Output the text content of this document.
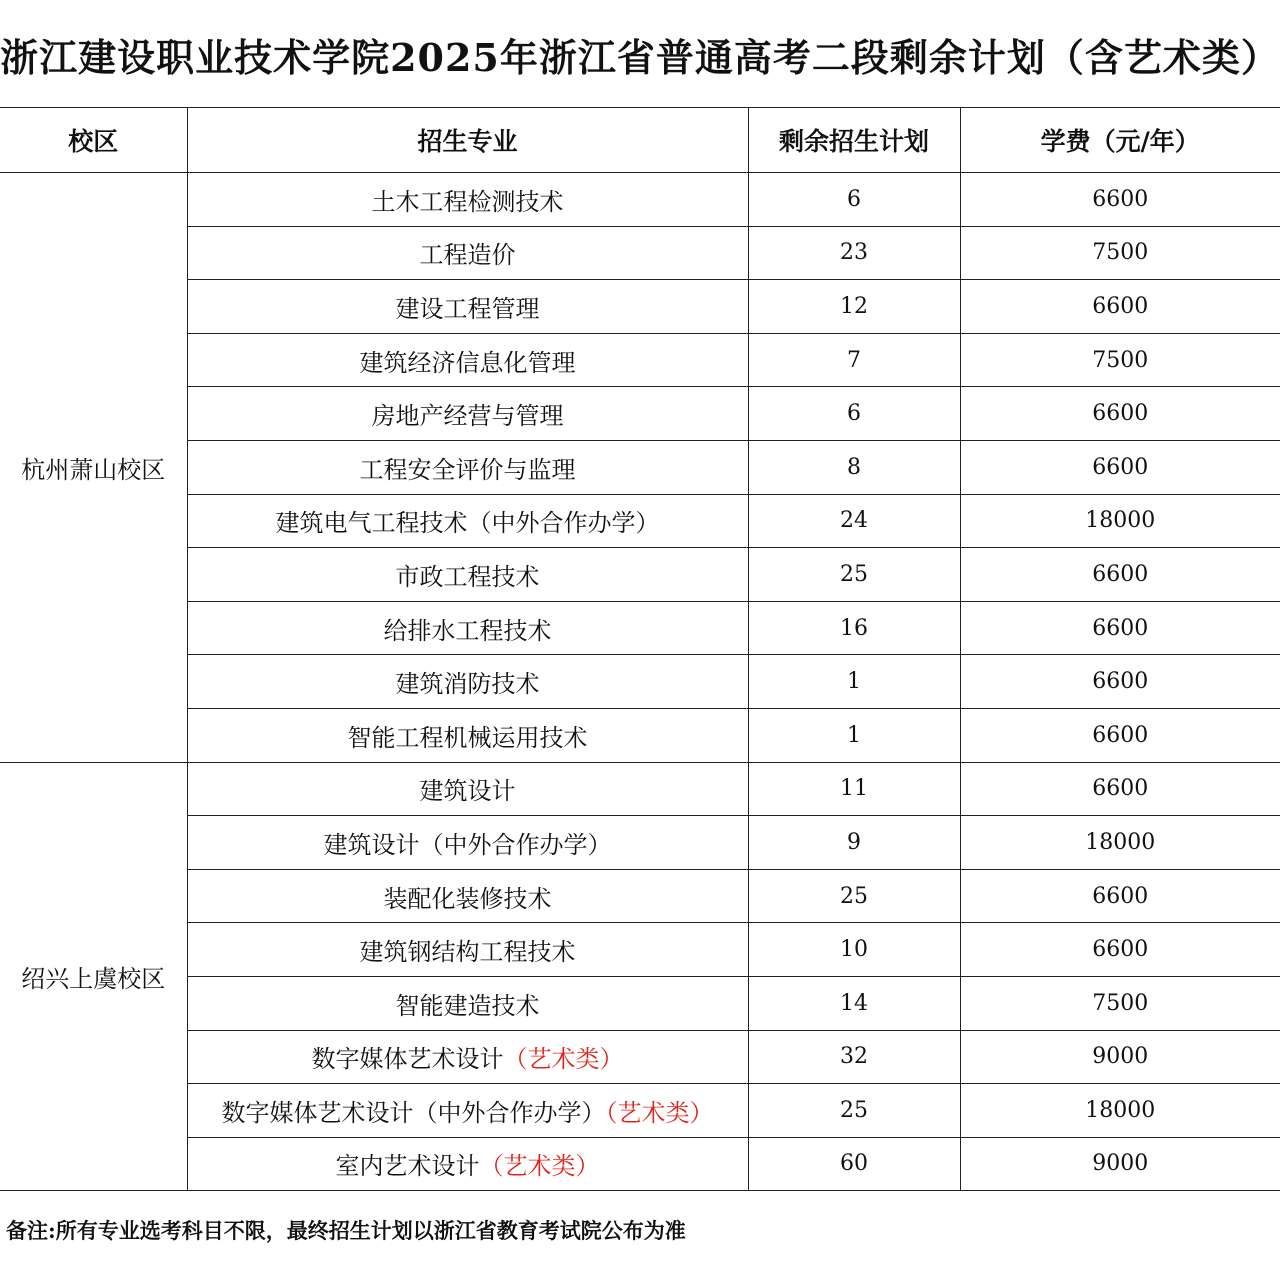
浙江建设职业技术学院2025年浙江省普通高考二段剩余计划（含艺术类）
校区	招生专业	剩余招生计划	学费（元/年）
杭州萧山校区	土木工程检测技术	6	6600
	工程造价	23	7500
	建设工程管理	12	6600
	建筑经济信息化管理	7	7500
	房地产经营与管理	6	6600
	工程安全评价与监理	8	6600
	建筑电气工程技术（中外合作办学）	24	18000
	市政工程技术	25	6600
	给排水工程技术	16	6600
	建筑消防技术	1	6600
	智能工程机械运用技术	1	6600
绍兴上虞校区	建筑设计	11	6600
	建筑设计（中外合作办学）	9	18000
	装配化装修技术	25	6600
	建筑钢结构工程技术	10	6600
	智能建造技术	14	7500
	数字媒体艺术设计（艺术类）	32	9000
	数字媒体艺术设计（中外合作办学）（艺术类）	25	18000
	室内艺术设计（艺术类）	60	9000
备注:所有专业选考科目不限，最终招生计划以浙江省教育考试院公布为准
